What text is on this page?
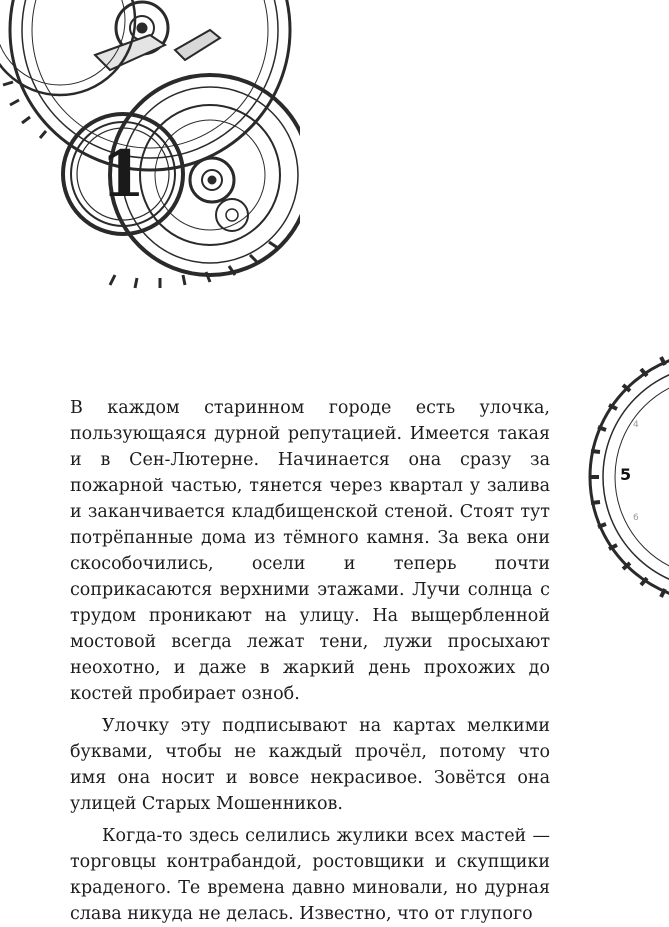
1
4
5
6

В каждом старинном городе есть улочка, пользующаяся дурной репутацией. Имеется такая и в Сен-Лютерне. Начинается она сразу за пожарной частью, тянется через квартал у залива и заканчивается кладбищенской стеной. Стоят тут потрёпанные дома из тёмного камня. За века они скособочились, осели и теперь почти соприкасаются верхними этажами. Лучи солнца с трудом проникают на улицу. На выщербленной мостовой всегда лежат тени, лужи просыхают неохотно, и даже в жаркий день прохожих до костей пробирает озноб.

Улочку эту подписывают на картах мелкими буквами, чтобы не каждый прочёл, потому что имя она носит и вовсе некрасивое. Зовётся она улицей Старых Мошенников.

Когда-то здесь селились жулики всех мастей — торговцы контрабандой, ростовщики и скупщики краденого. Те времена давно миновали, но дурная слава никуда не делась. Известно, что от глупого
